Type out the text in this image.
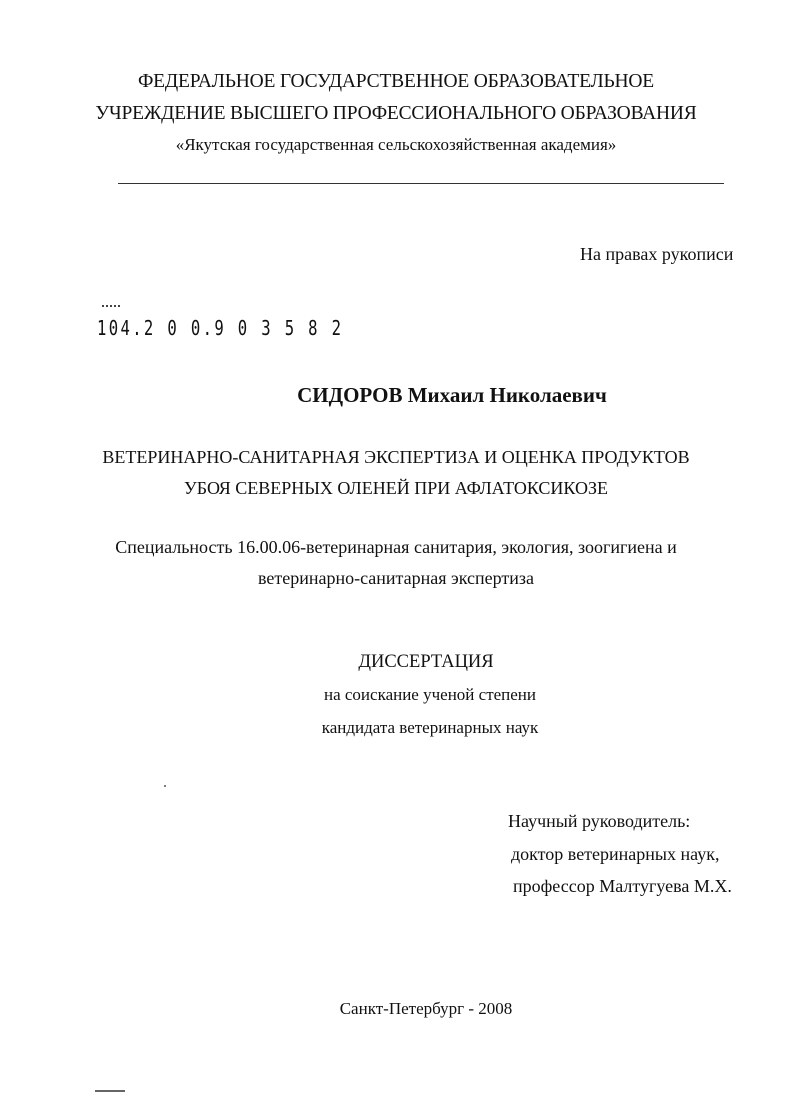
ФЕДЕРАЛЬНОЕ ГОСУДАРСТВЕННОЕ ОБРАЗОВАТЕЛЬНОЕ
УЧРЕЖДЕНИЕ ВЫСШЕГО ПРОФЕССИОНАЛЬНОГО ОБРАЗОВАНИЯ
«Якутская государственная сельскохозяйственная академия»
На правах рукописи
104.2 0 0.9 0 3 5 8 2
СИДОРОВ Михаил Николаевич
ВЕТЕРИНАРНО-САНИТАРНАЯ ЭКСПЕРТИЗА И ОЦЕНКА ПРОДУКТОВ
УБОЯ СЕВЕРНЫХ ОЛЕНЕЙ ПРИ АФЛАТОКСИКОЗЕ
Специальность 16.00.06-ветеринарная санитария, экология, зоогигиена и
ветеринарно-санитарная экспертиза
ДИССЕРТАЦИЯ
на соискание ученой степени
кандидата ветеринарных наук
Научный руководитель:
доктор ветеринарных наук,
профессор Малтугуева М.Х.
Санкт-Петербург - 2008
